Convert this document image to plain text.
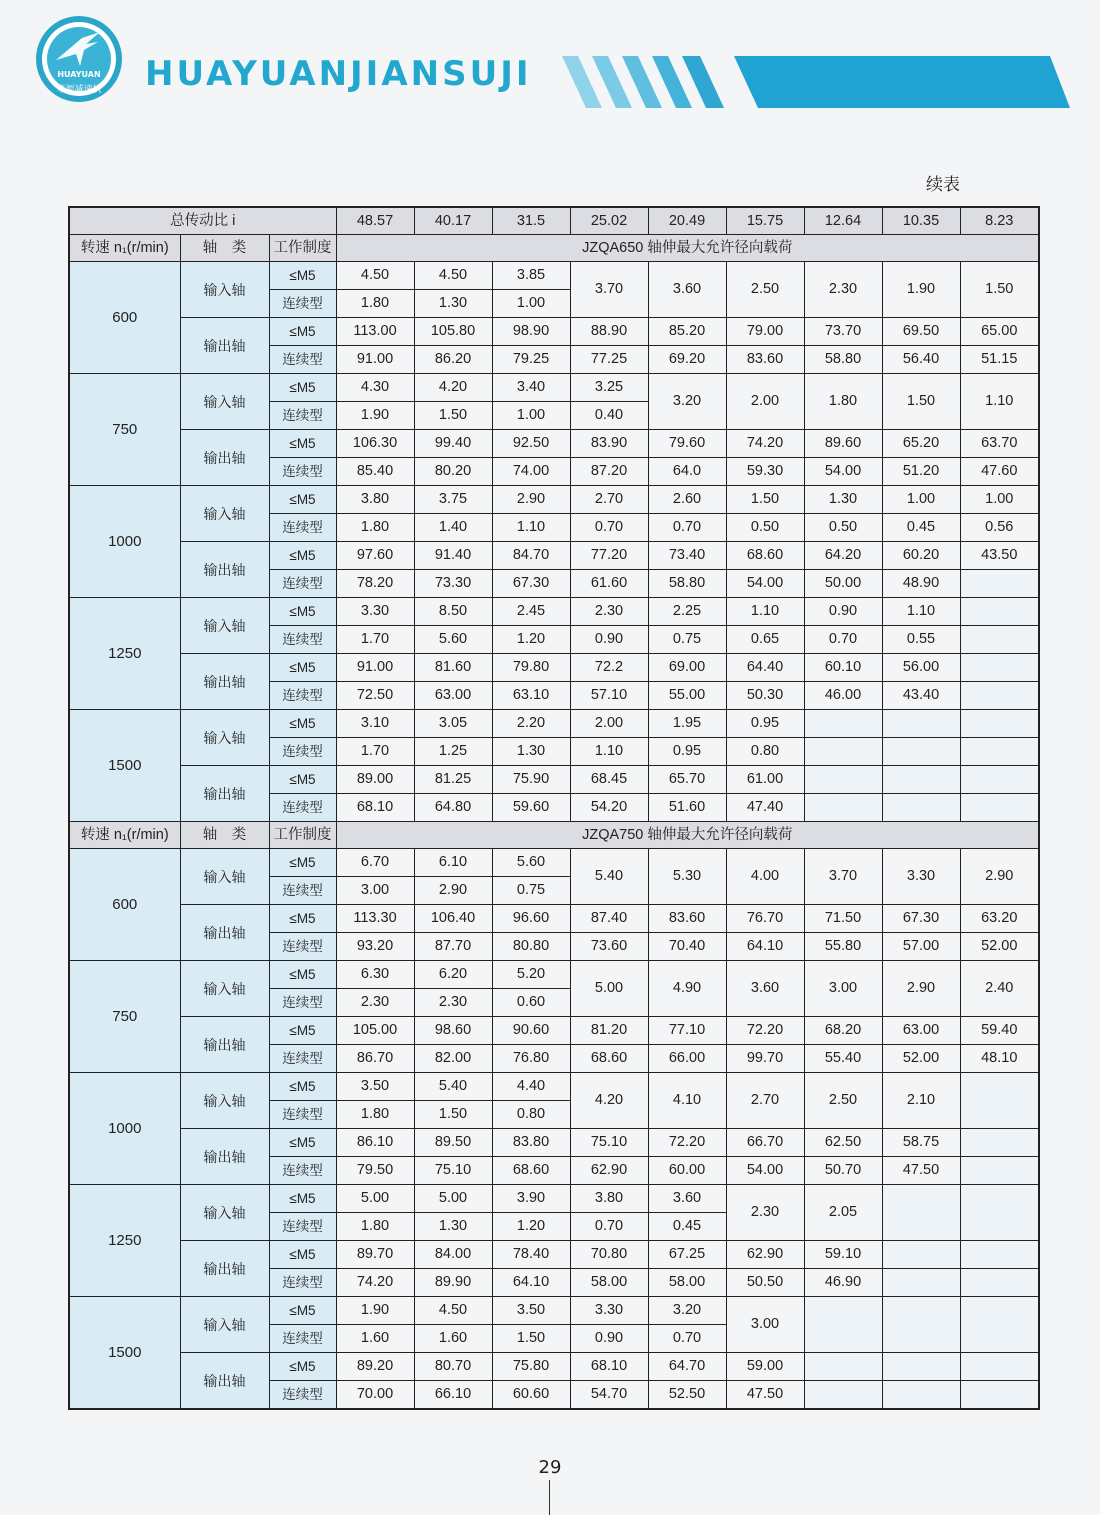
HUAYUAN
华源减速机	HUAYUANJIANSUJI
续表
总传动比 i			48.57	40.17	31.5	25.02	20.49	15.75	12.64	10.35	8.23
转速 n₁(r/min)	轴　类	工作制度	JZQA650 轴伸最大允许径向载荷								
600	输入轴	≤M5	4.50	4.50	3.85	3.70	3.60	2.50	2.30	1.90	1.50
		连续型	1.80	1.30	1.00						
	输出轴	≤M5	113.00	105.80	98.90	88.90	85.20	79.00	73.70	69.50	65.00
		连续型	91.00	86.20	79.25	77.25	69.20	83.60	58.80	56.40	51.15
750	输入轴	≤M5	4.30	4.20	3.40	3.25	3.20	2.00	1.80	1.50	1.10
		连续型	1.90	1.50	1.00	0.40					
	输出轴	≤M5	106.30	99.40	92.50	83.90	79.60	74.20	89.60	65.20	63.70
		连续型	85.40	80.20	74.00	87.20	64.0	59.30	54.00	51.20	47.60
1000	输入轴	≤M5	3.80	3.75	2.90	2.70	2.60	1.50	1.30	1.00	1.00
		连续型	1.80	1.40	1.10	0.70	0.70	0.50	0.50	0.45	0.56
	输出轴	≤M5	97.60	91.40	84.70	77.20	73.40	68.60	64.20	60.20	43.50
		连续型	78.20	73.30	67.30	61.60	58.80	54.00	50.00	48.90	
1250	输入轴	≤M5	3.30	8.50	2.45	2.30	2.25	1.10	0.90	1.10	
		连续型	1.70	5.60	1.20	0.90	0.75	0.65	0.70	0.55	
	输出轴	≤M5	91.00	81.60	79.80	72.2	69.00	64.40	60.10	56.00	
		连续型	72.50	63.00	63.10	57.10	55.00	50.30	46.00	43.40	
1500	输入轴	≤M5	3.10	3.05	2.20	2.00	1.95	0.95			
		连续型	1.70	1.25	1.30	1.10	0.95	0.80			
	输出轴	≤M5	89.00	81.25	75.90	68.45	65.70	61.00			
		连续型	68.10	64.80	59.60	54.20	51.60	47.40			
转速 n₁(r/min)	轴　类	工作制度	JZQA750 轴伸最大允许径向载荷								
600	输入轴	≤M5	6.70	6.10	5.60	5.40	5.30	4.00	3.70	3.30	2.90
		连续型	3.00	2.90	0.75						
	输出轴	≤M5	113.30	106.40	96.60	87.40	83.60	76.70	71.50	67.30	63.20
		连续型	93.20	87.70	80.80	73.60	70.40	64.10	55.80	57.00	52.00
750	输入轴	≤M5	6.30	6.20	5.20	5.00	4.90	3.60	3.00	2.90	2.40
		连续型	2.30	2.30	0.60						
	输出轴	≤M5	105.00	98.60	90.60	81.20	77.10	72.20	68.20	63.00	59.40
		连续型	86.70	82.00	76.80	68.60	66.00	99.70	55.40	52.00	48.10
1000	输入轴	≤M5	3.50	5.40	4.40	4.20	4.10	2.70	2.50	2.10	
		连续型	1.80	1.50	0.80						
	输出轴	≤M5	86.10	89.50	83.80	75.10	72.20	66.70	62.50	58.75	
		连续型	79.50	75.10	68.60	62.90	60.00	54.00	50.70	47.50	
1250	输入轴	≤M5	5.00	5.00	3.90	3.80	3.60	2.30	2.05		
		连续型	1.80	1.30	1.20	0.70	0.45				
	输出轴	≤M5	89.70	84.00	78.40	70.80	67.25	62.90	59.10		
		连续型	74.20	89.90	64.10	58.00	58.00	50.50	46.90		
1500	输入轴	≤M5	1.90	4.50	3.50	3.30	3.20	3.00			
		连续型	1.60	1.60	1.50	0.90	0.70				
	输出轴	≤M5	89.20	80.70	75.80	68.10	64.70	59.00			
		连续型	70.00	66.10	60.60	54.70	52.50	47.50			
29
